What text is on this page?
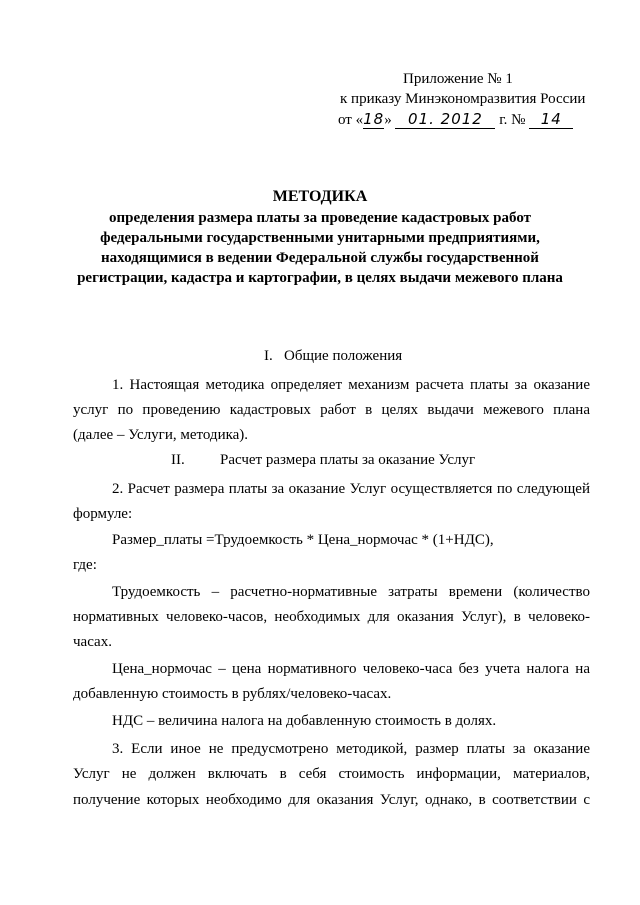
Приложение № 1
к приказу Минэкономразвития России
от «18» 01. 2012 г. № 14
МЕТОДИКА
определения размера платы за проведение кадастровых работ
федеральными государственными унитарными предприятиями,
находящимися в ведении Федеральной службы государственной
регистрации, кадастра и картографии, в целях выдачи межевого плана
I.   Общие положения
1. Настоящая методика определяет механизм расчета платы за оказание
услуг по проведению кадастровых работ в целях выдачи межевого плана
(далее – Услуги, методика).
II. Расчет размера платы за оказание Услуг
2. Расчет размера платы за оказание Услуг осуществляется по следующей
формуле:
Размер_платы =Трудоемкость * Цена_нормочас * (1+НДС),
где:
Трудоемкость – расчетно-нормативные затраты времени (количество
нормативных человеко-часов, необходимых для оказания Услуг), в человеко-
часах.
Цена_нормочас – цена нормативного человеко-часа без учета налога на
добавленную стоимость в рублях/человеко-часах.
НДС – величина налога на добавленную стоимость в долях.
3. Если иное не предусмотрено методикой, размер платы за оказание
Услуг не должен включать в себя стоимость информации, материалов,
получение которых необходимо для оказания Услуг, однако, в соответствии с
